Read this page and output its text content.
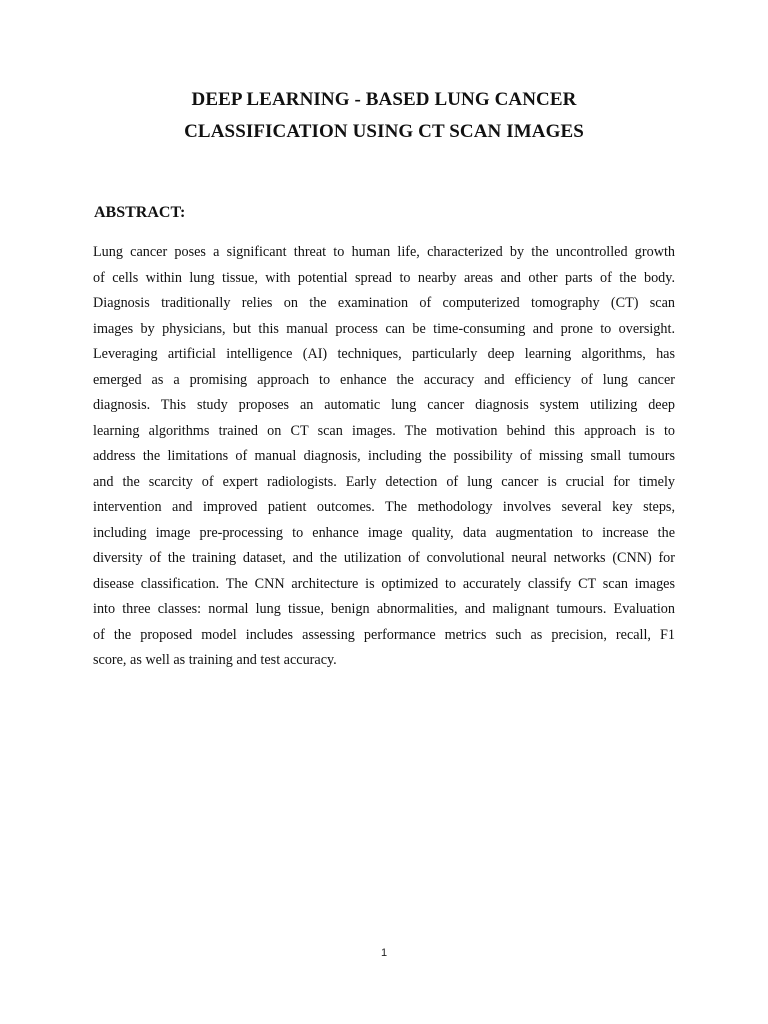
DEEP LEARNING - BASED LUNG CANCER
CLASSIFICATION USING CT SCAN IMAGES
ABSTRACT:
Lung cancer poses a significant threat to human life, characterized by the uncontrolled growth
of cells within lung tissue, with potential spread to nearby areas and other parts of the body.
Diagnosis traditionally relies on the examination of computerized tomography (CT) scan
images by physicians, but this manual process can be time-consuming and prone to oversight.
Leveraging artificial intelligence (AI) techniques, particularly deep learning algorithms, has
emerged as a promising approach to enhance the accuracy and efficiency of lung cancer
diagnosis. This study proposes an automatic lung cancer diagnosis system utilizing deep
learning algorithms trained on CT scan images. The motivation behind this approach is to
address the limitations of manual diagnosis, including the possibility of missing small tumours
and the scarcity of expert radiologists. Early detection of lung cancer is crucial for timely
intervention and improved patient outcomes. The methodology involves several key steps,
including image pre-processing to enhance image quality, data augmentation to increase the
diversity of the training dataset, and the utilization of convolutional neural networks (CNN) for
disease classification. The CNN architecture is optimized to accurately classify CT scan images
into three classes: normal lung tissue, benign abnormalities, and malignant tumours. Evaluation
of the proposed model includes assessing performance metrics such as precision, recall, F1
score, as well as training and test accuracy.
1
